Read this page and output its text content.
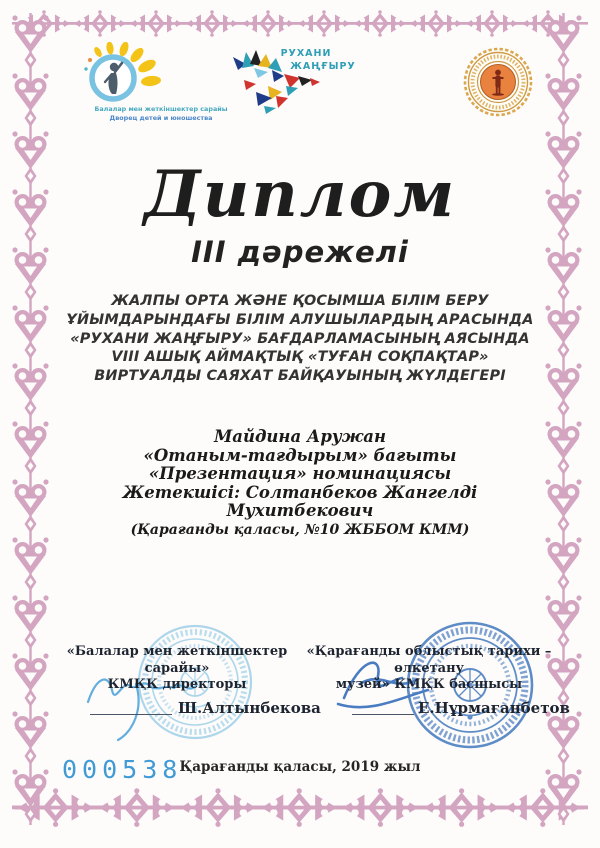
Балалар мен жеткіншектер сарайы
Дворец детей и юношества
РУХАНИ
ЖАҢҒЫРУ
Диплом
III дәрежелі
ЖАЛПЫ ОРТА ЖӘНЕ ҚОСЫМША БІЛІМ БЕРУ
ҰЙЫМДАРЫНДАҒЫ БІЛІМ АЛУШЫЛАРДЫҢ АРАСЫНДА
«РУХАНИ ЖАҢҒЫРУ» БАҒДАРЛАМАСЫНЫҢ АЯСЫНДА
VIII АШЫҚ АЙМАҚТЫҚ «ТУҒАН СОҚПАҚТАР»
ВИРТУАЛДЫ САЯХАТ БАЙҚАУЫНЫҢ ЖҮЛДЕГЕРІ
Майдина Аружан
«Отаным-тағдырым» бағыты
«Презентация» номинациясы
Жетекшісі: Солтанбеков Жангелді Мухитбекович
(Қарағанды қаласы, №10 ЖББОМ КММ)
«Балалар мен жеткіншектер сарайы»
КМҚК директоры
«Қарағанды облыстық тарихи – өлкетану
музей» КМҚК басшысы
Ш.Алтынбекова	Е.Нұрмағанбетов
000538
Қарағанды қаласы, 2019 жыл
